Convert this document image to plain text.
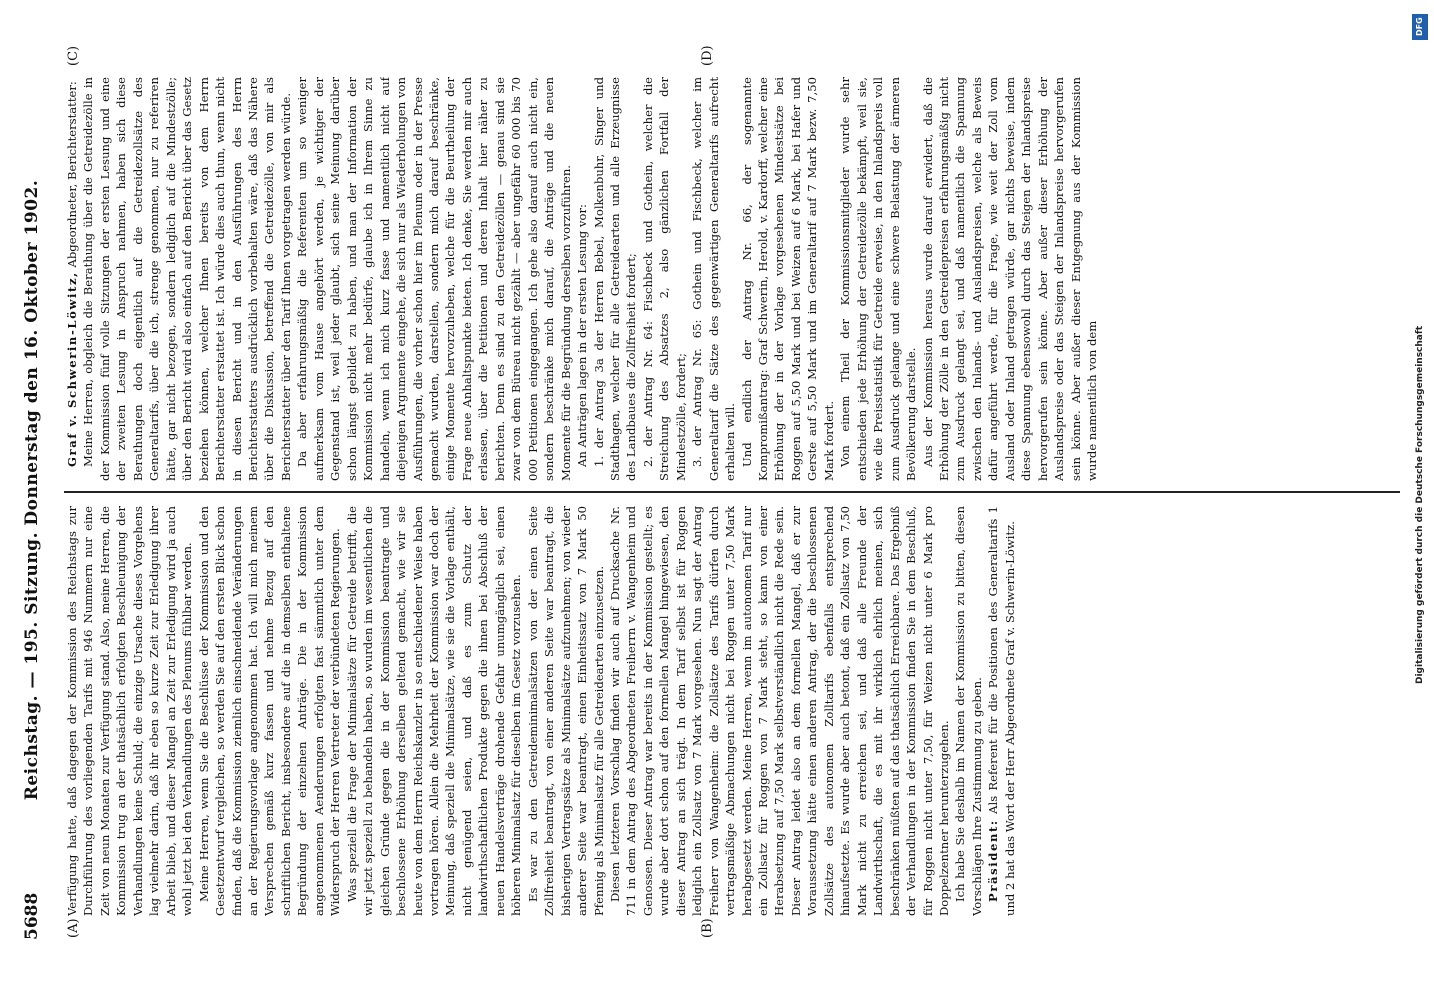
5688
Reichstag. — 195. Sitzung. Donnerstag den 16. Oktober 1902.
(A)	(B)
(C)	(D)

Verfügung hatte, daß dagegen der Kommission des Reichstags zur Durchführung des vorliegenden Tarifs mit 946 Nummern nur eine Zeit von neun Monaten zur Verfügung stand. Also, meine Herren, die Kommission trug an der thatsächlich erfolgten Beschleunigung der Verhandlungen keine Schuld; die einzige Ursache dieses Vorgehens lag vielmehr darin, daß ihr eben so kurze Zeit zur Erledigung ihrer Arbeit blieb, und dieser Mangel an Zeit zur Erledigung wird ja auch wohl jetzt bei den Verhandlungen des Plenums fühlbar werden. Meine Herren, wenn Sie die Beschlüsse der Kommission und den Gesetzentwurf vergleichen, so werden Sie auf den ersten Blick schon finden, daß die Kommission ziemlich einschneidende Veränderungen an der Regierungsvorlage angenommen hat. Ich will mich meinem Versprechen gemäß kurz fassen und nehme Bezug auf den schriftlichen Bericht, insbesondere auf die in demselben enthaltene Begründung der einzelnen Anträge. Die in der Kommission angenommenen Aenderungen erfolgten fast sämmtlich unter dem Widerspruch der Herren Vertreter der verbündeten Regierungen. Was speziell die Frage der Minimalsätze für Getreide betrifft, die wir jetzt speziell zu behandeln haben, so wurden im wesentlichen die gleichen Gründe gegen die in der Kommission beantragte und beschlossene Erhöhung derselben geltend gemacht, wie wir sie heute von dem Herrn Reichskanzler in so entschiedener Weise haben vortragen hören. Allein die Mehrheit der Kommission war doch der Meinung, daß speziell die Minimalsätze, wie sie die Vorlage enthält, nicht genügend seien, und daß es zum Schutz der landwirthschaftlichen Produkte gegen die ihnen bei Abschluß der neuen Handelsverträge drohende Gefahr unumgänglich sei, einen höheren Minimalsatz für dieselben im Gesetz vorzusehen. Es war zu den Getreideminimalsätzen von der einen Seite Zollfreiheit beantragt, von einer anderen Seite war beantragt, die bisherigen Vertragssätze als Minimalsätze aufzunehmen; von wieder anderer Seite war beantragt, einen Einheitssatz von 7 Mark 50 Pfennig als Minimalsatz für alle Getreidearten einzusetzen. Diesen letzteren Vorschlag finden wir auch auf Drucksache Nr. 711 in dem Antrag des Abgeordneten Freiherrn v. Wangenheim und Genossen. Dieser Antrag war bereits in der Kommission gestellt; es wurde aber dort schon auf den formellen Mangel hingewiesen, den dieser Antrag an sich trägt. In dem Tarif selbst ist für Roggen lediglich ein Zollsatz von 7 Mark vorgesehen. Nun sagt der Antrag Freiherr von Wangenheim: die Zollsätze des Tarifs dürfen durch vertragsmäßige Abmachungen nicht bei Roggen unter 7,50 Mark herabgesetzt werden. Meine Herren, wenn im autonomen Tarif nur ein Zollsatz für Roggen von 7 Mark steht, so kann von einer Herabsetzung auf 7,50 Mark selbstverständlich nicht die Rede sein. Dieser Antrag leidet also an dem formellen Mangel, daß er zur Voraussetzung hätte einen anderen Antrag, der die beschlossenen Zollsätze des autonomen Zolltarifs ebenfalls entsprechend hinaufsetzte. Es wurde aber auch betont, daß ein Zollsatz von 7,50 Mark nicht zu erreichen sei, und daß alle Freunde der Landwirthschaft, die es mit ihr wirklich ehrlich meinen, sich beschränken müßten auf das thatsächlich Erreichbare. Das Ergebniß der Verhandlungen in der Kommission finden Sie in dem Beschluß, für Roggen nicht unter 7,50, für Weizen nicht unter 6 Mark pro Doppelzentner herunterzugehen. Ich habe Sie deshalb im Namen der Kommission zu bitten, diesen Vorschlägen Ihre Zustimmung zu geben. Präsident: Als Referent für die Positionen des Generaltarifs 1 und 2 hat das Wort der Herr Abgeordnete Graf v. Schwerin-Löwitz.

Graf v. Schwerin-Löwitz, Abgeordneter, Berichterstatter: Meine Herren, obgleich die Berathung über die Getreidezölle in der Kommission fünf volle Sitzungen der ersten Lesung und eine der zweiten Lesung in Anspruch nahmen, haben sich diese Berathungen doch eigentlich auf die Getreidezollsätze des Generaltarifs, über die ich, strenge genommen, nur zu referiren hätte, gar nicht bezogen, sondern lediglich auf die Mindestzölle; über den Bericht wird also einfach auf den Bericht über das Gesetz beziehen können, welcher Ihnen bereits von dem Herrn Berichterstatter erstattet ist. Ich würde dies auch thun, wenn nicht in diesen Bericht und in den Ausführungen des Herrn Berichterstatters ausdrücklich vorbehalten wäre, daß das Nähere über die Diskussion, betreffend die Getreidezölle, von mir als Berichterstatter über den Tarif Ihnen vorgetragen werden würde. Da aber erfahrungsmäßig die Referenten um so weniger aufmerksam vom Hause angehört werden, je wichtiger der Gegenstand ist, weil jeder glaubt, sich seine Meinung darüber schon längst gebildet zu haben, und man der Information der Kommission nicht mehr bedürfe, glaube ich in Ihrem Sinne zu handeln, wenn ich mich kurz fasse und namentlich nicht auf diejenigen Argumente eingehe, die sich nur als Wiederholungen von Ausführungen, die vorher schon hier im Plenum oder in der Presse gemacht wurden, darstellen, sondern mich darauf beschränke, einige Momente hervorzuheben, welche für die Beurtheilung der Frage neue Anhaltspunkte bieten. Ich denke, Sie werden mir auch erlassen, über die Petitionen und deren Inhalt hier näher zu berichten. Denn es sind zu den Getreidezöllen — genau sind sie zwar von dem Büreau nicht gezählt — aber ungefähr 60 000 bis 70 000 Petitionen eingegangen. Ich gehe also darauf auch nicht ein, sondern beschränke mich darauf, die Anträge und die neuen Momente für die Begründung derselben vorzuführen. An Anträgen lagen in der ersten Lesung vor: 1. der Antrag 3a der Herren Bebel, Molkenbuhr, Singer und Stadthagen, welcher für alle Getreidearten und alle Erzeugnisse des Landbaues die Zollfreiheit fordert; 2. der Antrag Nr. 64: Fischbeck und Gothein, welcher die Streichung des Absatzes 2, also gänzlichen Fortfall der Mindestzölle, fordert; 3. der Antrag Nr. 65: Gothein und Fischbeck, welcher im Generaltarif die Sätze des gegenwärtigen Generaltarifs aufrecht erhalten will. Und endlich der Antrag Nr. 66, der sogenannte Kompromißantrag: Graf Schwerin, Herold, v. Kardorff, welcher eine Erhöhung der in der Vorlage vorgesehenen Mindestsätze bei Roggen auf 5,50 Mark und bei Weizen auf 6 Mark, bei Hafer und Gerste auf 5,50 Mark und im Generaltarif auf 7 Mark bezw. 7,50 Mark fordert. Von einem Theil der Kommissionsmitglieder wurde sehr entschieden jede Erhöhung der Getreidezölle bekämpft, weil sie, wie die Preisstatistik für Getreide erweise, in den Inlandspreis voll zum Ausdruck gelange und eine schwere Belastung der ärmeren Bevölkerung darstelle. Aus der Kommission heraus wurde darauf erwidert, daß die Erhöhung der Zölle in den Getreidepreisen erfahrungsmäßig nicht zum Ausdruck gelangt sei, und daß namentlich die Spannung zwischen den Inlands- und Auslandspreisen, welche als Beweis dafür angeführt werde, für die Frage, wie weit der Zoll vom Ausland oder Inland getragen würde, gar nichts beweise, indem diese Spannung ebensowohl durch das Steigen der Inlandspreise hervorgerufen sein könne. Aber außer dieser Erhöhung der Auslandspreise oder das Steigen der Inlandspreise hervorgerufen sein könne. Aber außer dieser Entgegnung aus der Kommission wurde namentlich von dem

DFG
Digitalisierung gefördert durch die Deutsche Forschungsgemeinschaft
